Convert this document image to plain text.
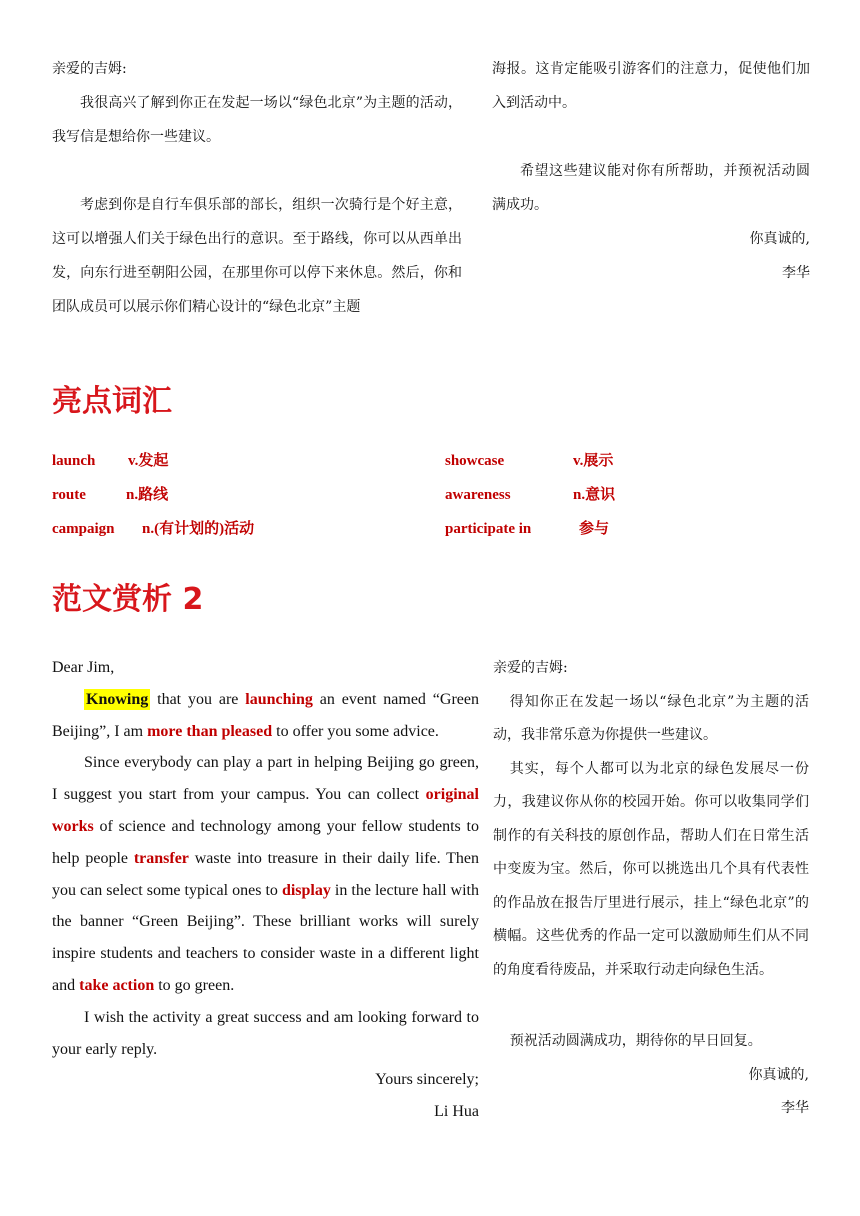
亲爱的吉姆:

我很高兴了解到你正在发起一场以“绿色北京”为主题的活动，我写信是想给你一些建议。

考虑到你是自行车俱乐部的部长，组织一次骑行是个好主意，这可以增强人们关于绿色出行的意识。至于路线，你可以从西单出发，向东行进至朝阳公园，在那里你可以停下来休息。然后，你和团队成员可以展示你们精心设计的“绿色北京”主题

海报。这肯定能吸引游客们的注意力，促使他们加入到活动中。

希望这些建议能对你有所帮助，并预祝活动圆满成功。

你真诚的,

李华

亮点词汇
launch	v.发起	showcase	v.展示
route	n.路线	awareness	n.意识
campaign	n.(有计划的)活动	participate in	参与
范文赏析 2

Dear Jim,

Knowing that you are launching an event named “Green Beijing”, I am more than pleased to offer you some advice.

Since everybody can play a part in helping Beijing go green, I suggest you start from your campus. You can collect original works of science and technology among your fellow students to help people transfer waste into treasure in their daily life. Then you can select some typical ones to display in the lecture hall with the banner “Green Beijing”. These brilliant works will surely inspire students and teachers to consider waste in a different light and take action to go green.

I wish the activity a great success and am looking forward to your early reply.

Yours sincerely;

Li Hua

亲爱的吉姆:

得知你正在发起一场以“绿色北京”为主题的活动，我非常乐意为你提供一些建议。

其实，每个人都可以为北京的绿色发展尽一份力，我建议你从你的校园开始。你可以收集同学们制作的有关科技的原创作品，帮助人们在日常生活中变废为宝。然后，你可以挑选出几个具有代表性的作品放在报告厅里进行展示，挂上“绿色北京”的横幅。这些优秀的作品一定可以激励师生们从不同的角度看待废品，并采取行动走向绿色生活。

预祝活动圆满成功，期待你的早日回复。

你真诚的,

李华
